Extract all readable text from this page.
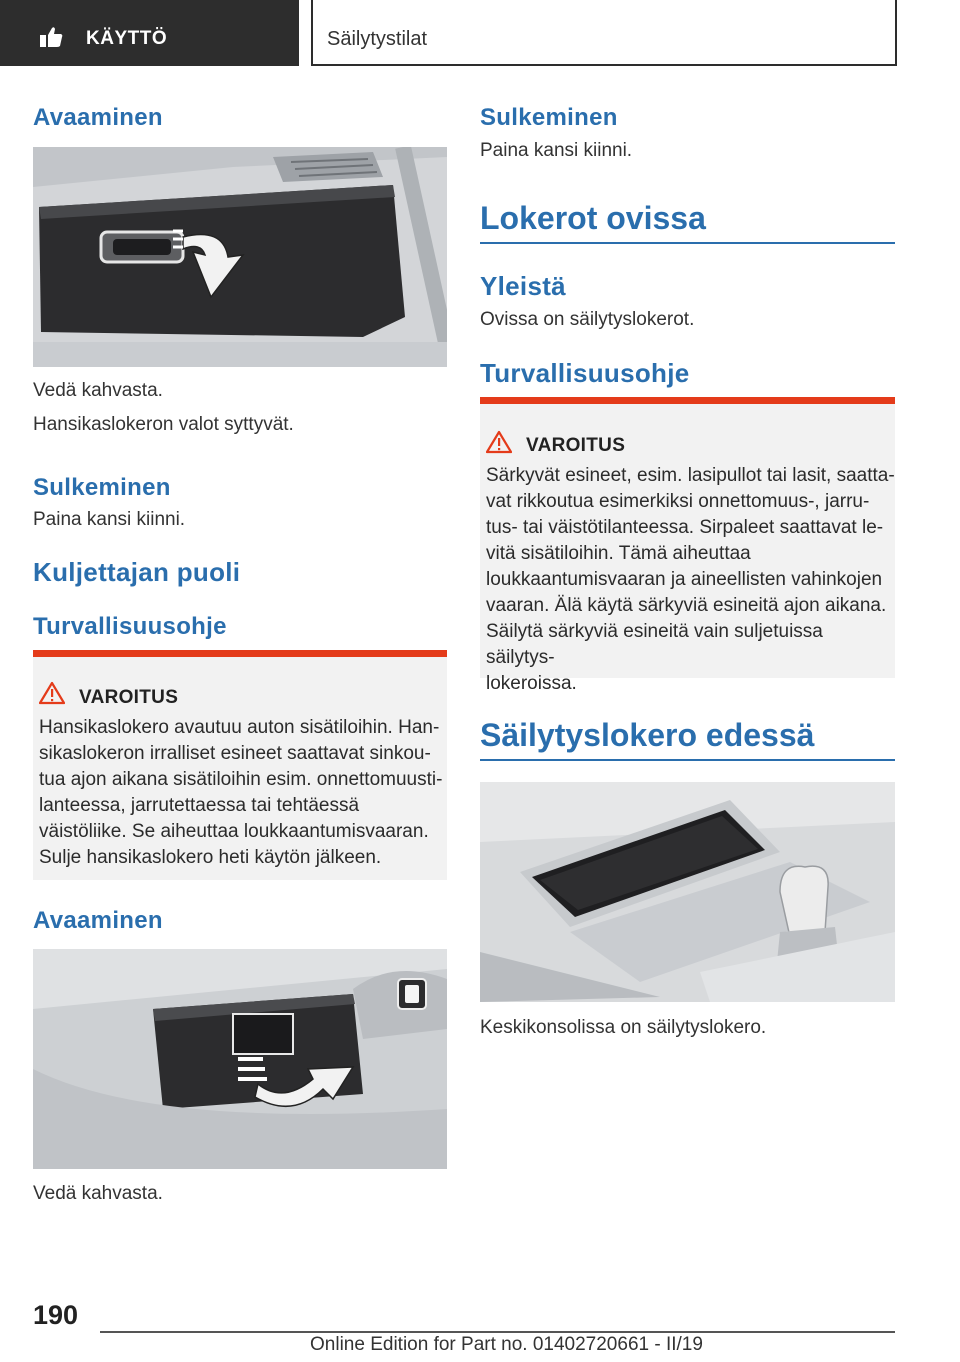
KÄYTTÖ	Säilytystilat
Avaaminen
Vedä kahvasta.
Hansikaslokeron valot syttyvät.
Sulkeminen
Paina kansi kiinni.
Kuljettajan puoli
Turvallisuusohje
VAROITUS
Hansikaslokero avautuu auton sisätiloihin. Han-
sikaslokeron irralliset esineet saattavat sinkou-
tua ajon aikana sisätiloihin esim. onnettomuusti-
lanteessa, jarrutettaessa tai tehtäessä
väistöliike. Se aiheuttaa loukkaantumisvaaran.
Sulje hansikaslokero heti käytön jälkeen.
Avaaminen
Vedä kahvasta.
Sulkeminen
Paina kansi kiinni.
Lokerot ovissa
Yleistä
Ovissa on säilytyslokerot.
Turvallisuusohje
VAROITUS
Särkyvät esineet, esim. lasipullot tai lasit, saatta-
vat rikkoutua esimerkiksi onnettomuus-, jarru-
tus- tai väistötilanteessa. Sirpaleet saattavat le-
vitä sisätiloihin. Tämä aiheuttaa
loukkaantumisvaaran ja aineellisten vahinkojen
vaaran. Älä käytä särkyviä esineitä ajon aikana.
Säilytä särkyviä esineitä vain suljetuissa säilytys-
lokeroissa.
Säilytyslokero edessä
Keskikonsolissa on säilytyslokero.
190
Online Edition for Part no. 01402720661 - II/19
